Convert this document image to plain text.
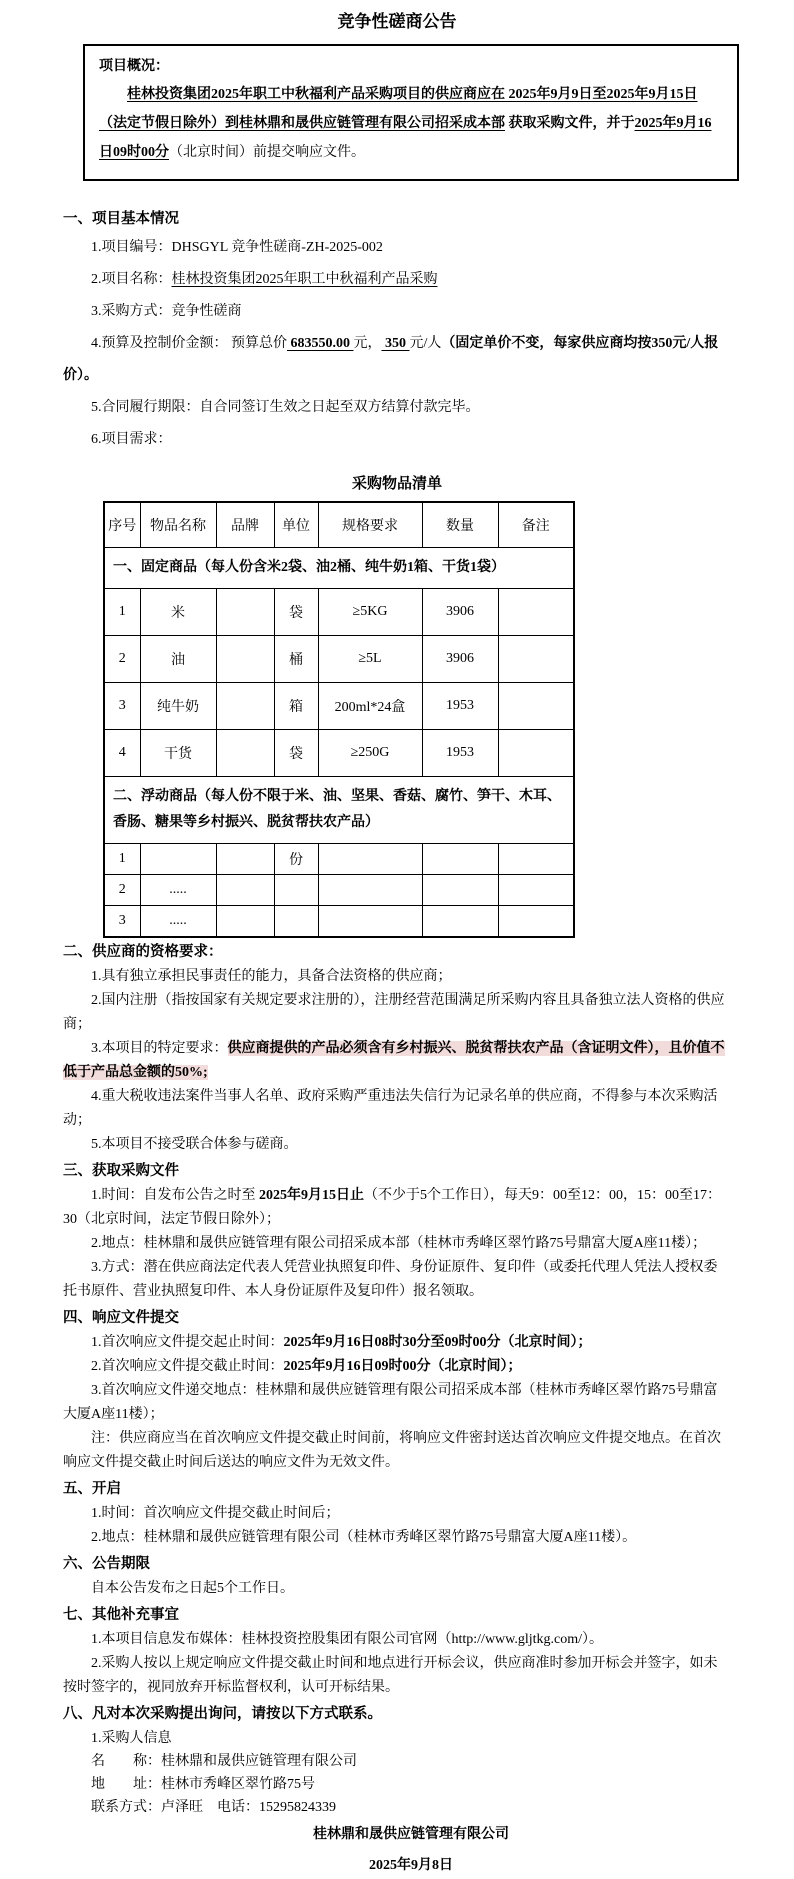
竞争性磋商公告
项目概况：

桂林投资集团2025年职工中秋福利产品采购项目的供应商应在 2025年9月9日至2025年9月15日（法定节假日除外）到桂林鼎和晟供应链管理有限公司招采成本部 获取采购文件，并于2025年9月16日09时00分（北京时间）前提交响应文件。

一、项目基本情况

1.项目编号：DHSGYL 竞争性磋商-ZH-2025-002

2.项目名称：桂林投资集团2025年职工中秋福利产品采购

3.采购方式：竞争性磋商

4.预算及控制价金额： 预算总价 683550.00 元， 350 元/人（固定单价不变，每家供应商均按350元/人报价）。

5.合同履行期限：自合同签订生效之日起至双方结算付款完毕。

6.项目需求：

采购物品清单
序号	物品名称	品牌	单位	规格要求	数量	备注
一、固定商品（每人份含米2袋、油2桶、纯牛奶1箱、干货1袋）						
1	米		袋	≥5KG	3906	
2	油		桶	≥5L	3906	
3	纯牛奶		箱	200ml*24盒	1953	
4	干货		袋	≥250G	1953	
二、浮动商品（每人份不限于米、油、坚果、香菇、腐竹、笋干、木耳、香肠、糖果等乡村振兴、脱贫帮扶农产品）						
1			份			
2	.....					
3	.....					
二、供应商的资格要求：

1.具有独立承担民事责任的能力，具备合法资格的供应商；

2.国内注册（指按国家有关规定要求注册的），注册经营范围满足所采购内容且具备独立法人资格的供应商；

3.本项目的特定要求：供应商提供的产品必须含有乡村振兴、脱贫帮扶农产品（含证明文件），且价值不低于产品总金额的50%;

4.重大税收违法案件当事人名单、政府采购严重违法失信行为记录名单的供应商，不得参与本次采购活动；

5.本项目不接受联合体参与磋商。

三、获取采购文件

1.时间：自发布公告之时至 2025年9月15日止（不少于5个工作日），每天9：00至12：00，15：00至17：30（北京时间，法定节假日除外）；

2.地点：桂林鼎和晟供应链管理有限公司招采成本部（桂林市秀峰区翠竹路75号鼎富大厦A座11楼）；

3.方式：潜在供应商法定代表人凭营业执照复印件、身份证原件、复印件（或委托代理人凭法人授权委托书原件、营业执照复印件、本人身份证原件及复印件）报名领取。

四、响应文件提交

1.首次响应文件提交起止时间：2025年9月16日08时30分至09时00分（北京时间）；

2.首次响应文件提交截止时间：2025年9月16日09时00分（北京时间）；

3.首次响应文件递交地点：桂林鼎和晟供应链管理有限公司招采成本部（桂林市秀峰区翠竹路75号鼎富大厦A座11楼）；

注：供应商应当在首次响应文件提交截止时间前，将响应文件密封送达首次响应文件提交地点。在首次响应文件提交截止时间后送达的响应文件为无效文件。

五、开启

1.时间：首次响应文件提交截止时间后；

2.地点：桂林鼎和晟供应链管理有限公司（桂林市秀峰区翠竹路75号鼎富大厦A座11楼）。

六、公告期限

自本公告发布之日起5个工作日。

七、其他补充事宜

1.本项目信息发布媒体：桂林投资控股集团有限公司官网（http://www.gljtkg.com/）。

2.采购人按以上规定响应文件提交截止时间和地点进行开标会议，供应商准时参加开标会并签字，如未按时签字的，视同放弃开标监督权利，认可开标结果。

八、凡对本次采购提出询问，请按以下方式联系。

1.采购人信息

名　　称：桂林鼎和晟供应链管理有限公司

地　　址：桂林市秀峰区翠竹路75号

联系方式：卢泽旺　电话：15295824339

桂林鼎和晟供应链管理有限公司
2025年9月8日
